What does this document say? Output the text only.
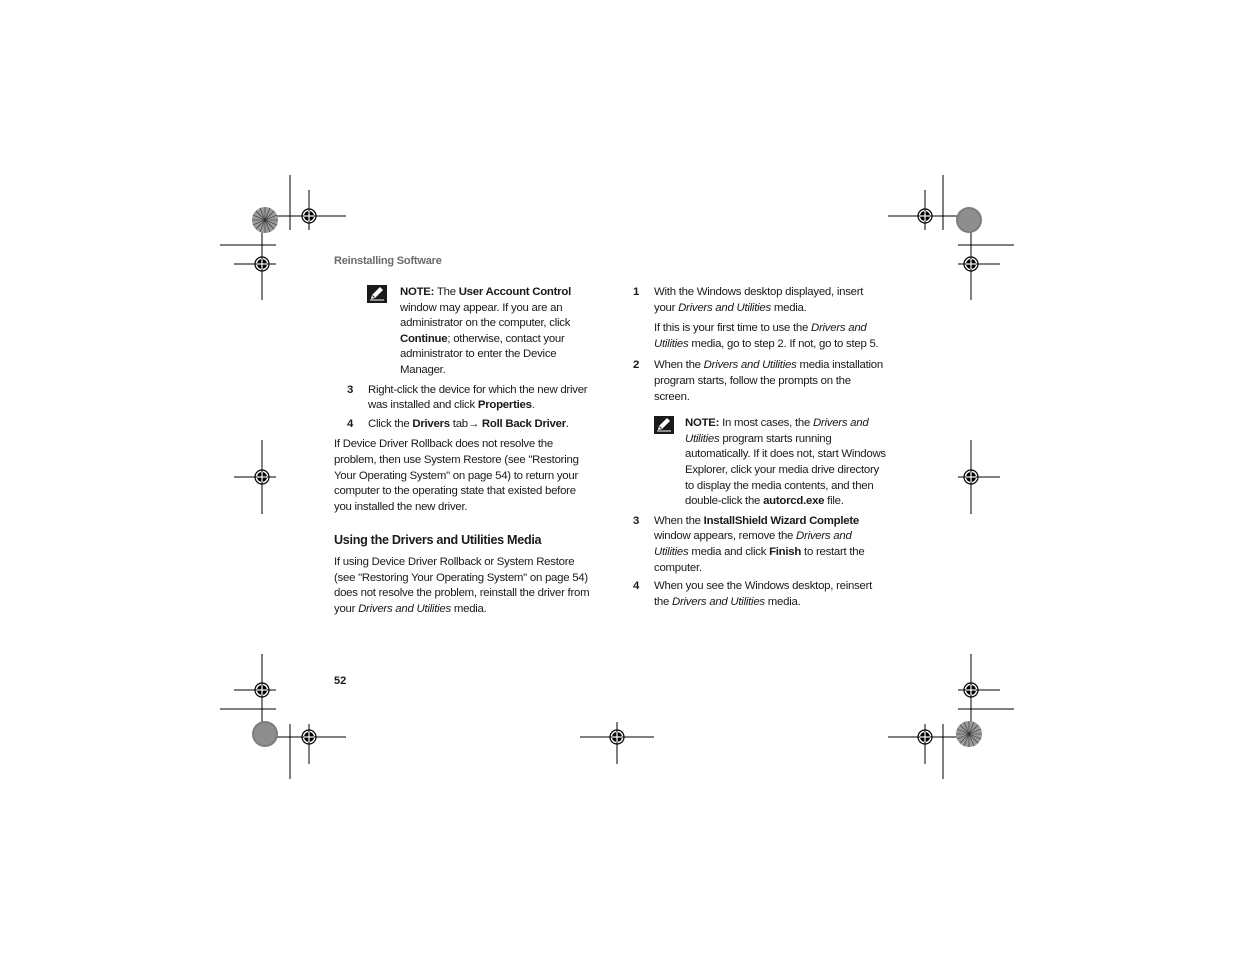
Reinstalling Software

NOTE: The User Account Control window may appear. If you are an administrator on the computer, click Continue; otherwise, contact your administrator to enter the Device Manager.

3 Right-click the device for which the new driver was installed and click Properties.

4 Click the Drivers tab→ Roll Back Driver.

If Device Driver Rollback does not resolve the problem, then use System Restore (see "Restoring Your Operating System" on page 54) to return your computer to the operating state that existed before you installed the new driver.

Using the Drivers and Utilities Media

If using Device Driver Rollback or System Restore (see "Restoring Your Operating System" on page 54) does not resolve the problem, reinstall the driver from your Drivers and Utilities media.

1 With the Windows desktop displayed, insert your Drivers and Utilities media.

If this is your first time to use the Drivers and Utilities media, go to step 2. If not, go to step 5.

2 When the Drivers and Utilities media installation program starts, follow the prompts on the screen.

NOTE: In most cases, the Drivers and Utilities program starts running automatically. If it does not, start Windows Explorer, click your media drive directory to display the media contents, and then double-click the autorcd.exe file.

3 When the InstallShield Wizard Complete window appears, remove the Drivers and Utilities media and click Finish to restart the computer.

4 When you see the Windows desktop, reinsert the Drivers and Utilities media.

52
